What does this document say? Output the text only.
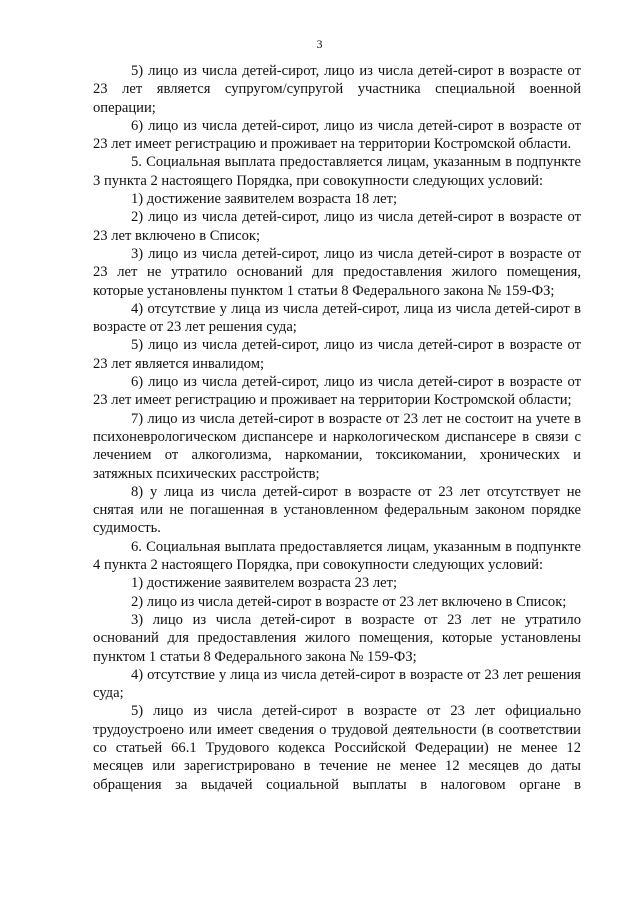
3

5) лицо из числа детей-сирот, лицо из числа детей-сирот в возрасте от 23 лет является супругом/супругой участника специальной военной операции;

6) лицо из числа детей-сирот, лицо из числа детей-сирот в возрасте от 23 лет имеет регистрацию и проживает на территории Костромской области.

5. Социальная выплата предоставляется лицам, указанным в подпункте 3 пункта 2 настоящего Порядка, при совокупности следующих условий:

1) достижение заявителем возраста 18 лет;

2) лицо из числа детей-сирот, лицо из числа детей-сирот в возрасте от 23 лет включено в Список;

3) лицо из числа детей-сирот, лицо из числа детей-сирот в возрасте от 23 лет не утратило оснований для предоставления жилого помещения, которые установлены пунктом 1 статьи 8 Федерального закона № 159-ФЗ;

4) отсутствие у лица из числа детей-сирот, лица из числа детей-сирот в возрасте от 23 лет решения суда;

5) лицо из числа детей-сирот, лицо из числа детей-сирот в возрасте от 23 лет является инвалидом;

6) лицо из числа детей-сирот, лицо из числа детей-сирот в возрасте от 23 лет имеет регистрацию и проживает на территории Костромской области;

7) лицо из числа детей-сирот в возрасте от 23 лет не состоит на учете в психоневрологическом диспансере и наркологическом диспансере в связи с лечением от алкоголизма, наркомании, токсикомании, хронических и затяжных психических расстройств;

8) у лица из числа детей-сирот в возрасте от 23 лет отсутствует не снятая или не погашенная в установленном федеральным законом порядке судимость.

6. Социальная выплата предоставляется лицам, указанным в подпункте 4 пункта 2 настоящего Порядка, при совокупности следующих условий:

1) достижение заявителем возраста 23 лет;

2) лицо из числа детей-сирот в возрасте от 23 лет включено в Список;

3) лицо из числа детей-сирот в возрасте от 23 лет не утратило оснований для предоставления жилого помещения, которые установлены пунктом 1 статьи 8 Федерального закона № 159-ФЗ;

4) отсутствие у лица из числа детей-сирот в возрасте от 23 лет решения суда;

5) лицо из числа детей-сирот в возрасте от 23 лет официально трудоустроено или имеет сведения о трудовой деятельности (в соответствии со статьей 66.1 Трудового кодекса Российской Федерации) не менее 12 месяцев или зарегистрировано в течение не менее 12 месяцев до даты обращения за выдачей социальной выплаты в налоговом органе в
